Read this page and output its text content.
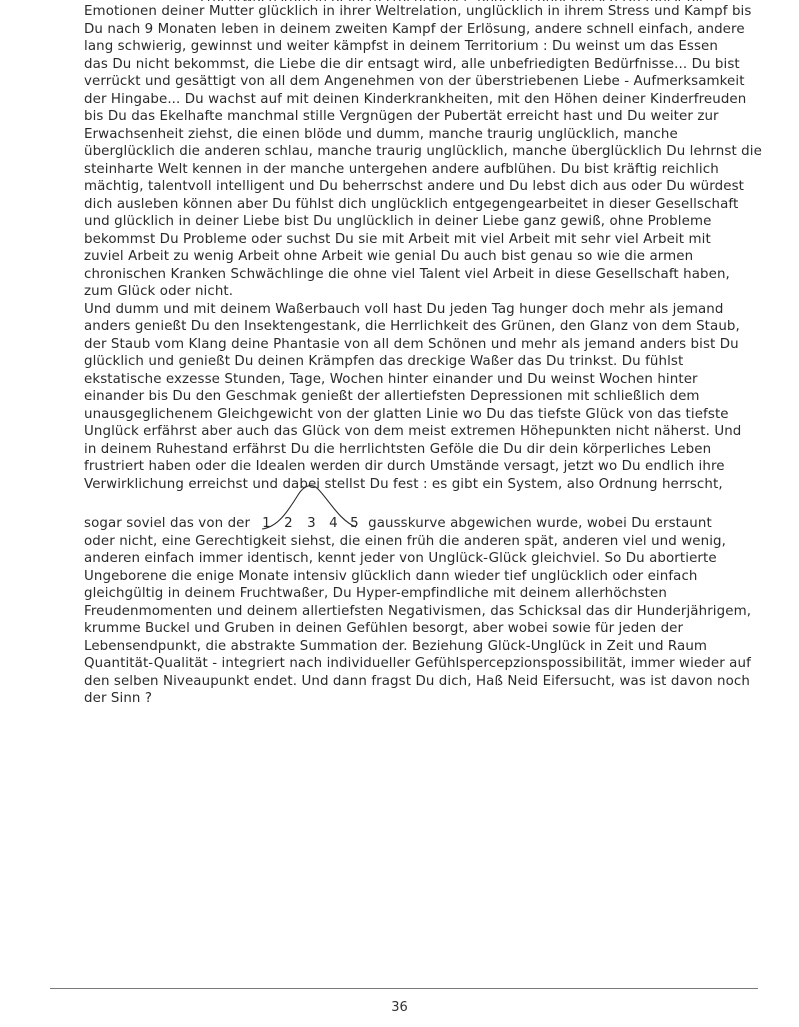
Emotionen deiner Mutter glücklich in ihrer Weltrelation, unglücklich in ihrem Stress und Kampf bis
Du nach 9 Monaten leben in deinem zweiten Kampf der Erlösung, andere schnell einfach, andere
lang schwierig, gewinnst und weiter kämpfst in deinem Territorium : Du weinst um das Essen
das Du nicht bekommst, die Liebe die dir entsagt wird, alle unbefriedigten Bedürfnisse... Du bist
verrückt und gesättigt von all dem Angenehmen von der überstriebenen Liebe - Aufmerksamkeit
der Hingabe... Du wachst auf mit deinen Kinderkrankheiten, mit den Höhen deiner Kinderfreuden
bis Du das Ekelhafte manchmal stille Vergnügen der Pubertät erreicht hast und Du weiter zur
Erwachsenheit ziehst, die einen blöde und dumm, manche traurig unglücklich, manche
überglücklich die anderen schlau, manche traurig unglücklich, manche überglücklich Du lehrnst die
steinharte Welt kennen in der manche untergehen andere aufblühen. Du bist kräftig reichlich
mächtig, talentvoll intelligent und Du beherrschst andere und Du lebst dich aus oder Du würdest
dich ausleben können aber Du fühlst dich unglücklich entgegengearbeitet in dieser Gesellschaft
und glücklich in deiner Liebe bist Du unglücklich in deiner Liebe ganz gewiß, ohne Probleme
bekommst Du Probleme oder suchst Du sie mit Arbeit mit viel Arbeit mit sehr viel Arbeit mit
zuviel Arbeit zu wenig Arbeit ohne Arbeit wie genial Du auch bist genau so wie die armen
chronischen Kranken Schwächlinge die ohne viel Talent viel Arbeit in diese Gesellschaft haben,
zum Glück oder nicht.
Und dumm und mit deinem Waßerbauch voll hast Du jeden Tag hunger doch mehr als jemand
anders genießt Du den Insektengestank, die Herrlichkeit des Grünen, den Glanz von dem Staub,
der Staub vom Klang deine Phantasie von all dem Schönen und mehr als jemand anders bist Du
glücklich und genießt Du deinen Krämpfen das dreckige Waßer das Du trinkst. Du fühlst
ekstatische exzesse Stunden, Tage, Wochen hinter einander und Du weinst Wochen hinter
einander bis Du den Geschmak genießt der allertiefsten Depressionen mit schließlich dem
unausgeglichenem Gleichgewicht von der glatten Linie wo Du das tiefste Glück von das tiefste
Unglück erfährst aber auch das Glück von dem meist extremen Höhepunkten nicht näherst. Und
in deinem Ruhestand erfährst Du die herrlichtsten Geföle die Du dir dein körperliches Leben
frustriert haben oder die Idealen werden dir durch Umstände versagt, jetzt wo Du endlich ihre
Verwirklichung erreichst und dabei stellst Du fest : es gibt ein System, also Ordnung herrscht,
sogar soviel das von der 1 2 3 4 5 gausskurve abgewichen wurde, wobei Du erstaunt
oder nicht, eine Gerechtigkeit siehst, die einen früh die anderen spät, anderen viel und wenig,
anderen einfach immer identisch, kennt jeder von Unglück-Glück gleichviel. So Du abortierte
Ungeborene die enige Monate intensiv glücklich dann wieder tief unglücklich oder einfach
gleichgültig in deinem Fruchtwaßer, Du Hyper-empfindliche mit deinem allerhöchsten
Freudenmomenten und deinem allertiefsten Negativismen, das Schicksal das dir Hunderjährigem,
krumme Buckel und Gruben in deinen Gefühlen besorgt, aber wobei sowie für jeden der
Lebensendpunkt, die abstrakte Summation der. Beziehung Glück-Unglück in Zeit und Raum
Quantität-Qualität - integriert nach individueller Gefühlspercepzionspossibilität, immer wieder auf
den selben Niveaupunkt endet. Und dann fragst Du dich, Haß Neid Eifersucht, was ist davon noch
der Sinn ?
36
